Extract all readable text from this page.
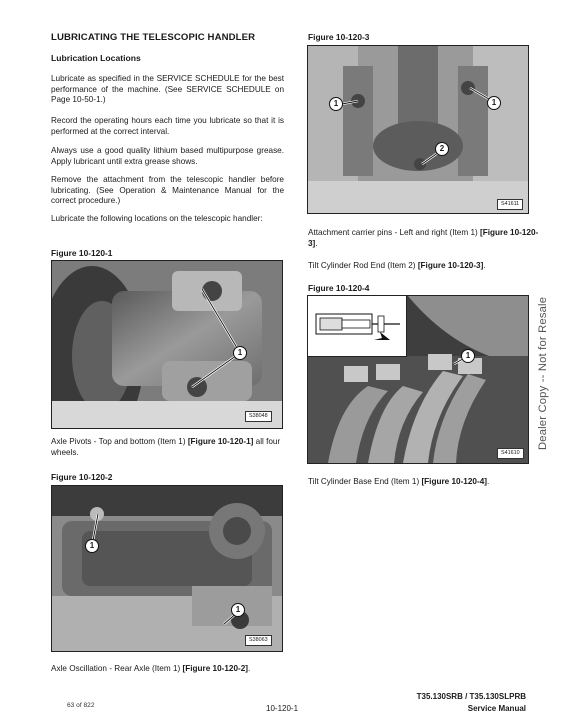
LUBRICATING THE TELESCOPIC HANDLER
Lubrication Locations
Lubricate as specified in the SERVICE SCHEDULE for the best performance of the machine. (See SERVICE SCHEDULE on Page 10-50-1.)
Record the operating hours each time you lubricate so that it is performed at the correct interval.
Always use a good quality lithium based multipurpose grease. Apply lubricant until extra grease shows.
Remove the attachment from the telescopic handler before lubricating. (See Operation & Maintenance Manual for the correct procedure.)
Lubricate the following locations on the telescopic handler:
Figure 10-120-1
1
S38048
Axle Pivots - Top and bottom (Item 1) [Figure 10-120-1] all four wheels.
Figure 10-120-2
1
1
S38063
Axle Oscillation - Rear Axle (Item 1) [Figure 10-120-2].
Figure 10-120-3
1	1
2
S41611
Attachment carrier pins - Left and right (Item 1) [Figure 10-120-3].
Tilt Cylinder Rod End (Item 2) [Figure 10-120-3].
Figure 10-120-4
1
S41610
Tilt Cylinder Base End (Item 1) [Figure 10-120-4].
Dealer Copy -- Not for Resale
63 of 822	10-120-1
T35.130SRB / T35.130SLPRB
Service Manual
